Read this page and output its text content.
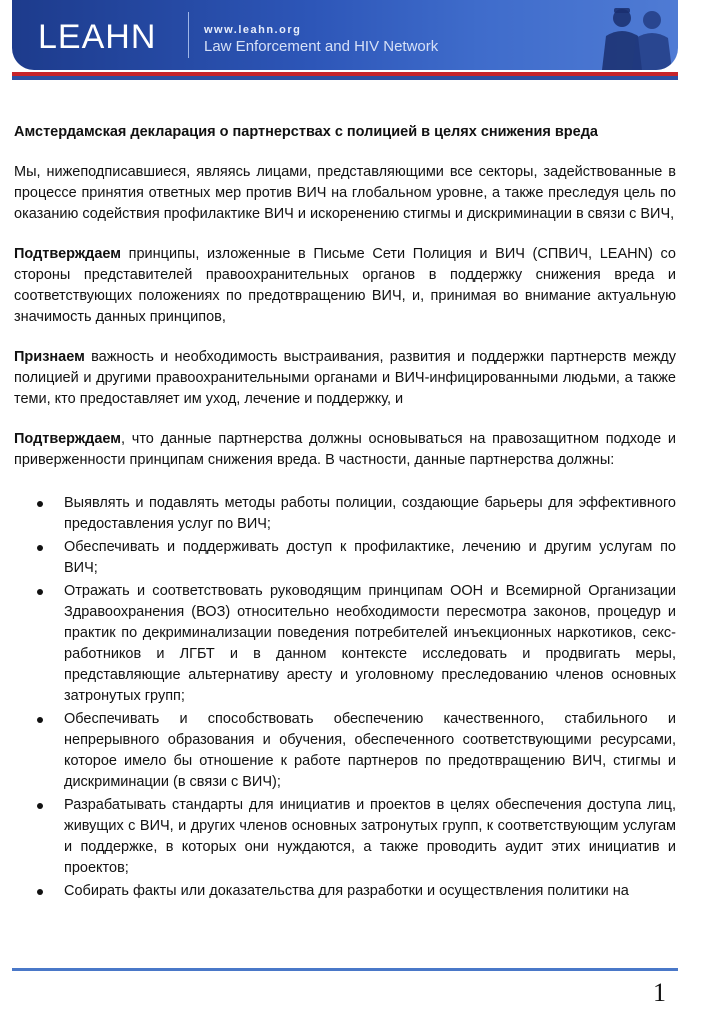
LEAHN	www.leahn.org
Law Enforcement and HIV Network
Амстердамская декларация о партнерствах с полицией в целях снижения вреда

Мы, нижеподписавшиеся, являясь лицами, представляющими все секторы, задействованные в процессе принятия ответных мер против ВИЧ на глобальном уровне, а также преследуя цель по оказанию содействия профилактике ВИЧ и искоренению стигмы и дискриминации в связи с ВИЧ,

Подтверждаем принципы, изложенные в Письме Сети Полиция и ВИЧ (СПВИЧ, LEAHN) со стороны представителей правоохранительных органов в поддержку снижения вреда и соответствующих положениях по предотвращению ВИЧ, и, принимая во внимание актуальную значимость данных принципов,

Признаем важность и необходимость выстраивания, развития и поддержки партнерств между полицией и другими правоохранительными органами и ВИЧ-инфицированными людьми, а также теми, кто предоставляет им уход, лечение и поддержку, и

Подтверждаем, что данные партнерства должны основываться на правозащитном подходе и приверженности принципам снижения вреда. В частности, данные партнерства должны:

Выявлять и подавлять методы работы полиции, создающие барьеры для эффективного предоставления услуг по ВИЧ;
Обеспечивать и поддерживать доступ к профилактике, лечению и другим услугам по ВИЧ;
Отражать и соответствовать руководящим принципам ООН и Всемирной Организации Здравоохранения (ВОЗ) относительно необходимости пересмотра законов, процедур и практик по декриминализации поведения потребителей инъекционных наркотиков, секс-работников и ЛГБТ и в данном контексте исследовать и продвигать меры, представляющие альтернативу аресту и уголовному преследованию членов основных затронутых групп;
Обеспечивать и способствовать обеспечению качественного, стабильного и непрерывного образования и обучения, обеспеченного соответствующими ресурсами, которое имело бы отношение к работе партнеров по предотвращению ВИЧ, стигмы и дискриминации (в связи с ВИЧ);
Разрабатывать стандарты для инициатив и проектов в целях обеспечения доступа лиц, живущих с ВИЧ, и других членов основных затронутых групп, к соответствующим услугам и поддержке, в которых они нуждаются, а также проводить аудит этих инициатив и проектов;
Собирать факты или доказательства для разработки и осуществления политики на
1
